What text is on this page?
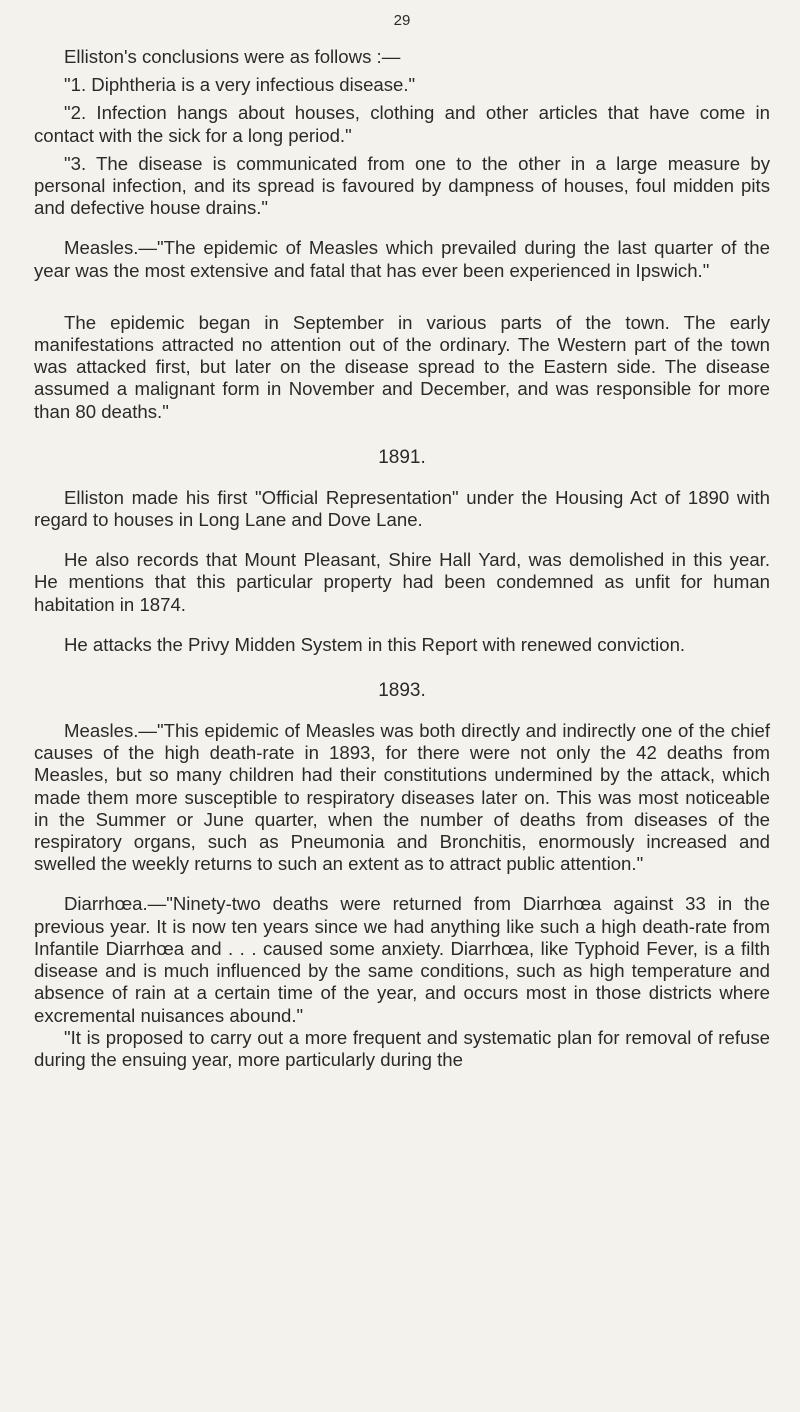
29

Elliston's conclusions were as follows :—

"1. Diphtheria is a very infectious disease."

"2. Infection hangs about houses, clothing and other articles that have come in contact with the sick for a long period."

"3. The disease is communicated from one to the other in a large measure by personal infection, and its spread is favoured by dampness of houses, foul midden pits and defective house drains."

Measles.—"The epidemic of Measles which prevailed during the last quarter of the year was the most extensive and fatal that has ever been experienced in Ipswich."

The epidemic began in September in various parts of the town. The early manifestations attracted no attention out of the ordinary. The Western part of the town was attacked first, but later on the disease spread to the Eastern side. The disease assumed a malignant form in November and December, and was responsible for more than 80 deaths."

1891.

Elliston made his first "Official Representation" under the Housing Act of 1890 with regard to houses in Long Lane and Dove Lane.

He also records that Mount Pleasant, Shire Hall Yard, was demolished in this year. He mentions that this particular property had been condemned as unfit for human habitation in 1874.

He attacks the Privy Midden System in this Report with renewed conviction.

1893.

Measles.—"This epidemic of Measles was both directly and indirectly one of the chief causes of the high death-rate in 1893, for there were not only the 42 deaths from Measles, but so many children had their constitutions undermined by the attack, which made them more susceptible to respiratory diseases later on. This was most noticeable in the Summer or June quarter, when the number of deaths from diseases of the respiratory organs, such as Pneumonia and Bronchitis, enormously increased and swelled the weekly returns to such an extent as to attract public attention."

Diarrhœa.—"Ninety-two deaths were returned from Diarrhœa against 33 in the previous year. It is now ten years since we had anything like such a high death-rate from Infantile Diarrhœa and . . . caused some anxiety. Diarrhœa, like Typhoid Fever, is a filth disease and is much influenced by the same conditions, such as high temperature and absence of rain at a certain time of the year, and occurs most in those districts where excremental nuisances abound."

"It is proposed to carry out a more frequent and systematic plan for removal of refuse during the ensuing year, more particularly during the
